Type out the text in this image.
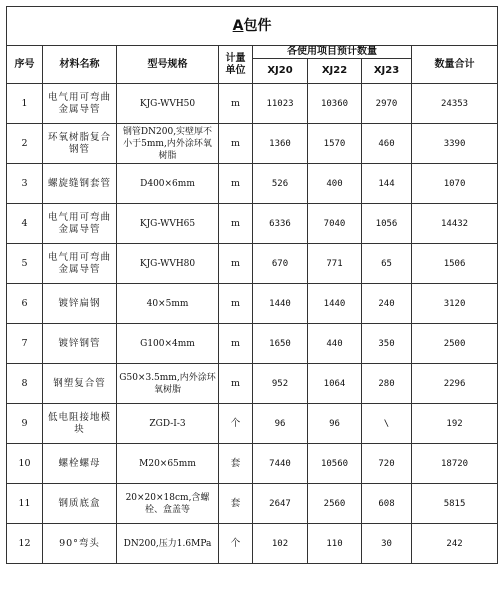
A包件							
序号	材料名称	型号规格	计量单位	各使用项目预计数量			数量合计
				XJ20	XJ22	XJ23	
1	电气用可弯曲金属导管	KJG-WVH50	m	11023	10360	2970	24353
2	环氧树脂复合钢管	钢管DN200,实壁厚不小于5mm,内外涂环氧树脂	m	1360	1570	460	3390
3	螺旋缝钢套管	D400×6mm	m	526	400	144	1070
4	电气用可弯曲金属导管	KJG-WVH65	m	6336	7040	1056	14432
5	电气用可弯曲金属导管	KJG-WVH80	m	670	771	65	1506
6	镀锌扁钢	40×5mm	m	1440	1440	240	3120
7	镀锌钢管	G100×4mm	m	1650	440	350	2500
8	钢塑复合管	G50×3.5mm,内外涂环氧树脂	m	952	1064	280	2296
9	低电阻接地模块	ZGD-I-3	个	96	96	\	192
10	螺栓螺母	M20×65mm	套	7440	10560	720	18720
11	钢质底盒	20×20×18cm,含螺栓、盒盖等	套	2647	2560	608	5815
12	90°弯头	DN200,压力1.6MPa	个	102	110	30	242
